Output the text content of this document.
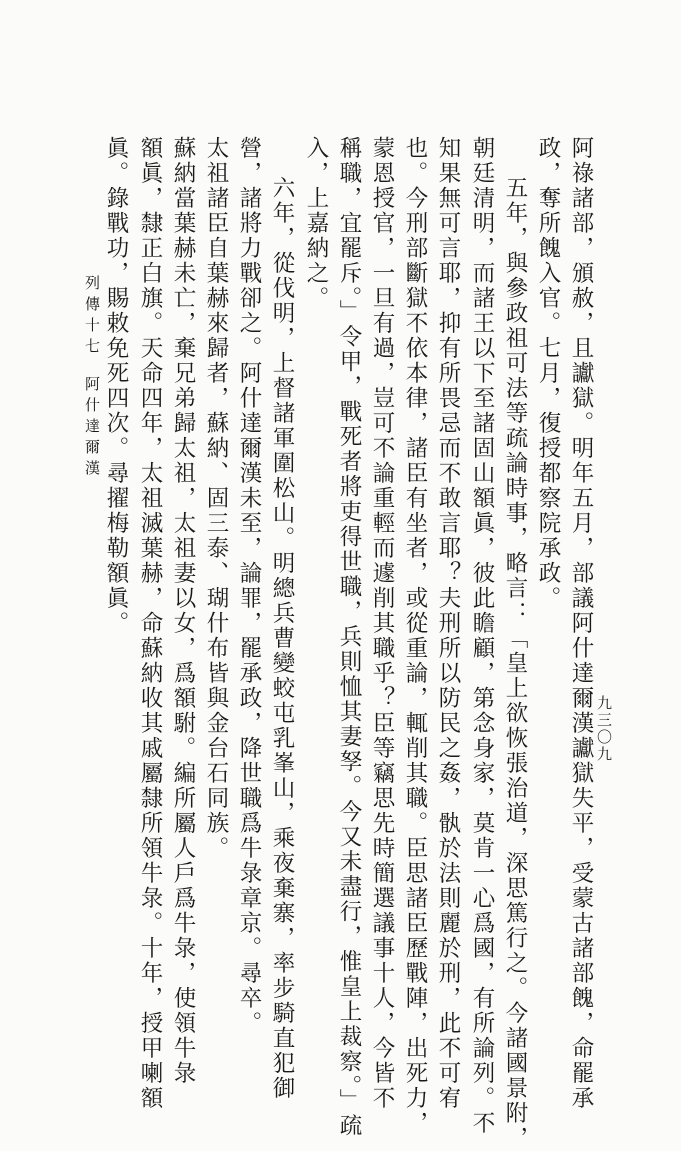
九三〇九
阿祿諸部，頒赦，且讞獄。明年五月，部議阿什達爾漢讞獄失平，受蒙古諸部餽，命罷承
政，奪所餽入官。七月，復授都察院承政。
五年，與參政祖可法等疏論時事，略言：「皇上欲恢張治道，深思篤行之。今諸國景附，
朝廷清明，而諸王以下至諸固山額眞，彼此瞻顧，第念身家，莫肯一心爲國，有所論列。不
知果無可言耶，抑有所畏忌而不敢言耶？夫刑所以防民之姦，骫於法則麗於刑，此不可宥
也。今刑部斷獄不依本律，諸臣有坐者，或從重論，輒削其職。臣思諸臣歷戰陣，出死力，
蒙恩授官，一旦有過，豈可不論重輕而遽削其職乎？臣等竊思先時簡選議事十人，今皆不
稱職，宜罷斥。」令甲，戰死者將吏得世職，兵則恤其妻孥。今又未盡行，惟皇上裁察。」疏
入，上嘉納之。
六年，從伐明，上督諸軍圍松山。明總兵曹變蛟屯乳峯山，乘夜棄寨，率步騎直犯御
營，諸將力戰卻之。阿什達爾漢未至，論罪，罷承政，降世職爲牛彔章京。尋卒。
太祖諸臣自葉赫來歸者，蘇納、固三泰、瑚什布皆與金台石同族。
蘇納當葉赫未亡，棄兄弟歸太祖，太祖妻以女，爲額駙。編所屬人戶爲牛彔，使領牛彔
額眞，隸正白旗。天命四年，太祖滅葉赫，命蘇納收其戚屬隸所領牛彔。十年，授甲喇額
眞。錄戰功，賜敕免死四次。尋擢梅勒額眞。
列傳十七
阿什達爾漢
